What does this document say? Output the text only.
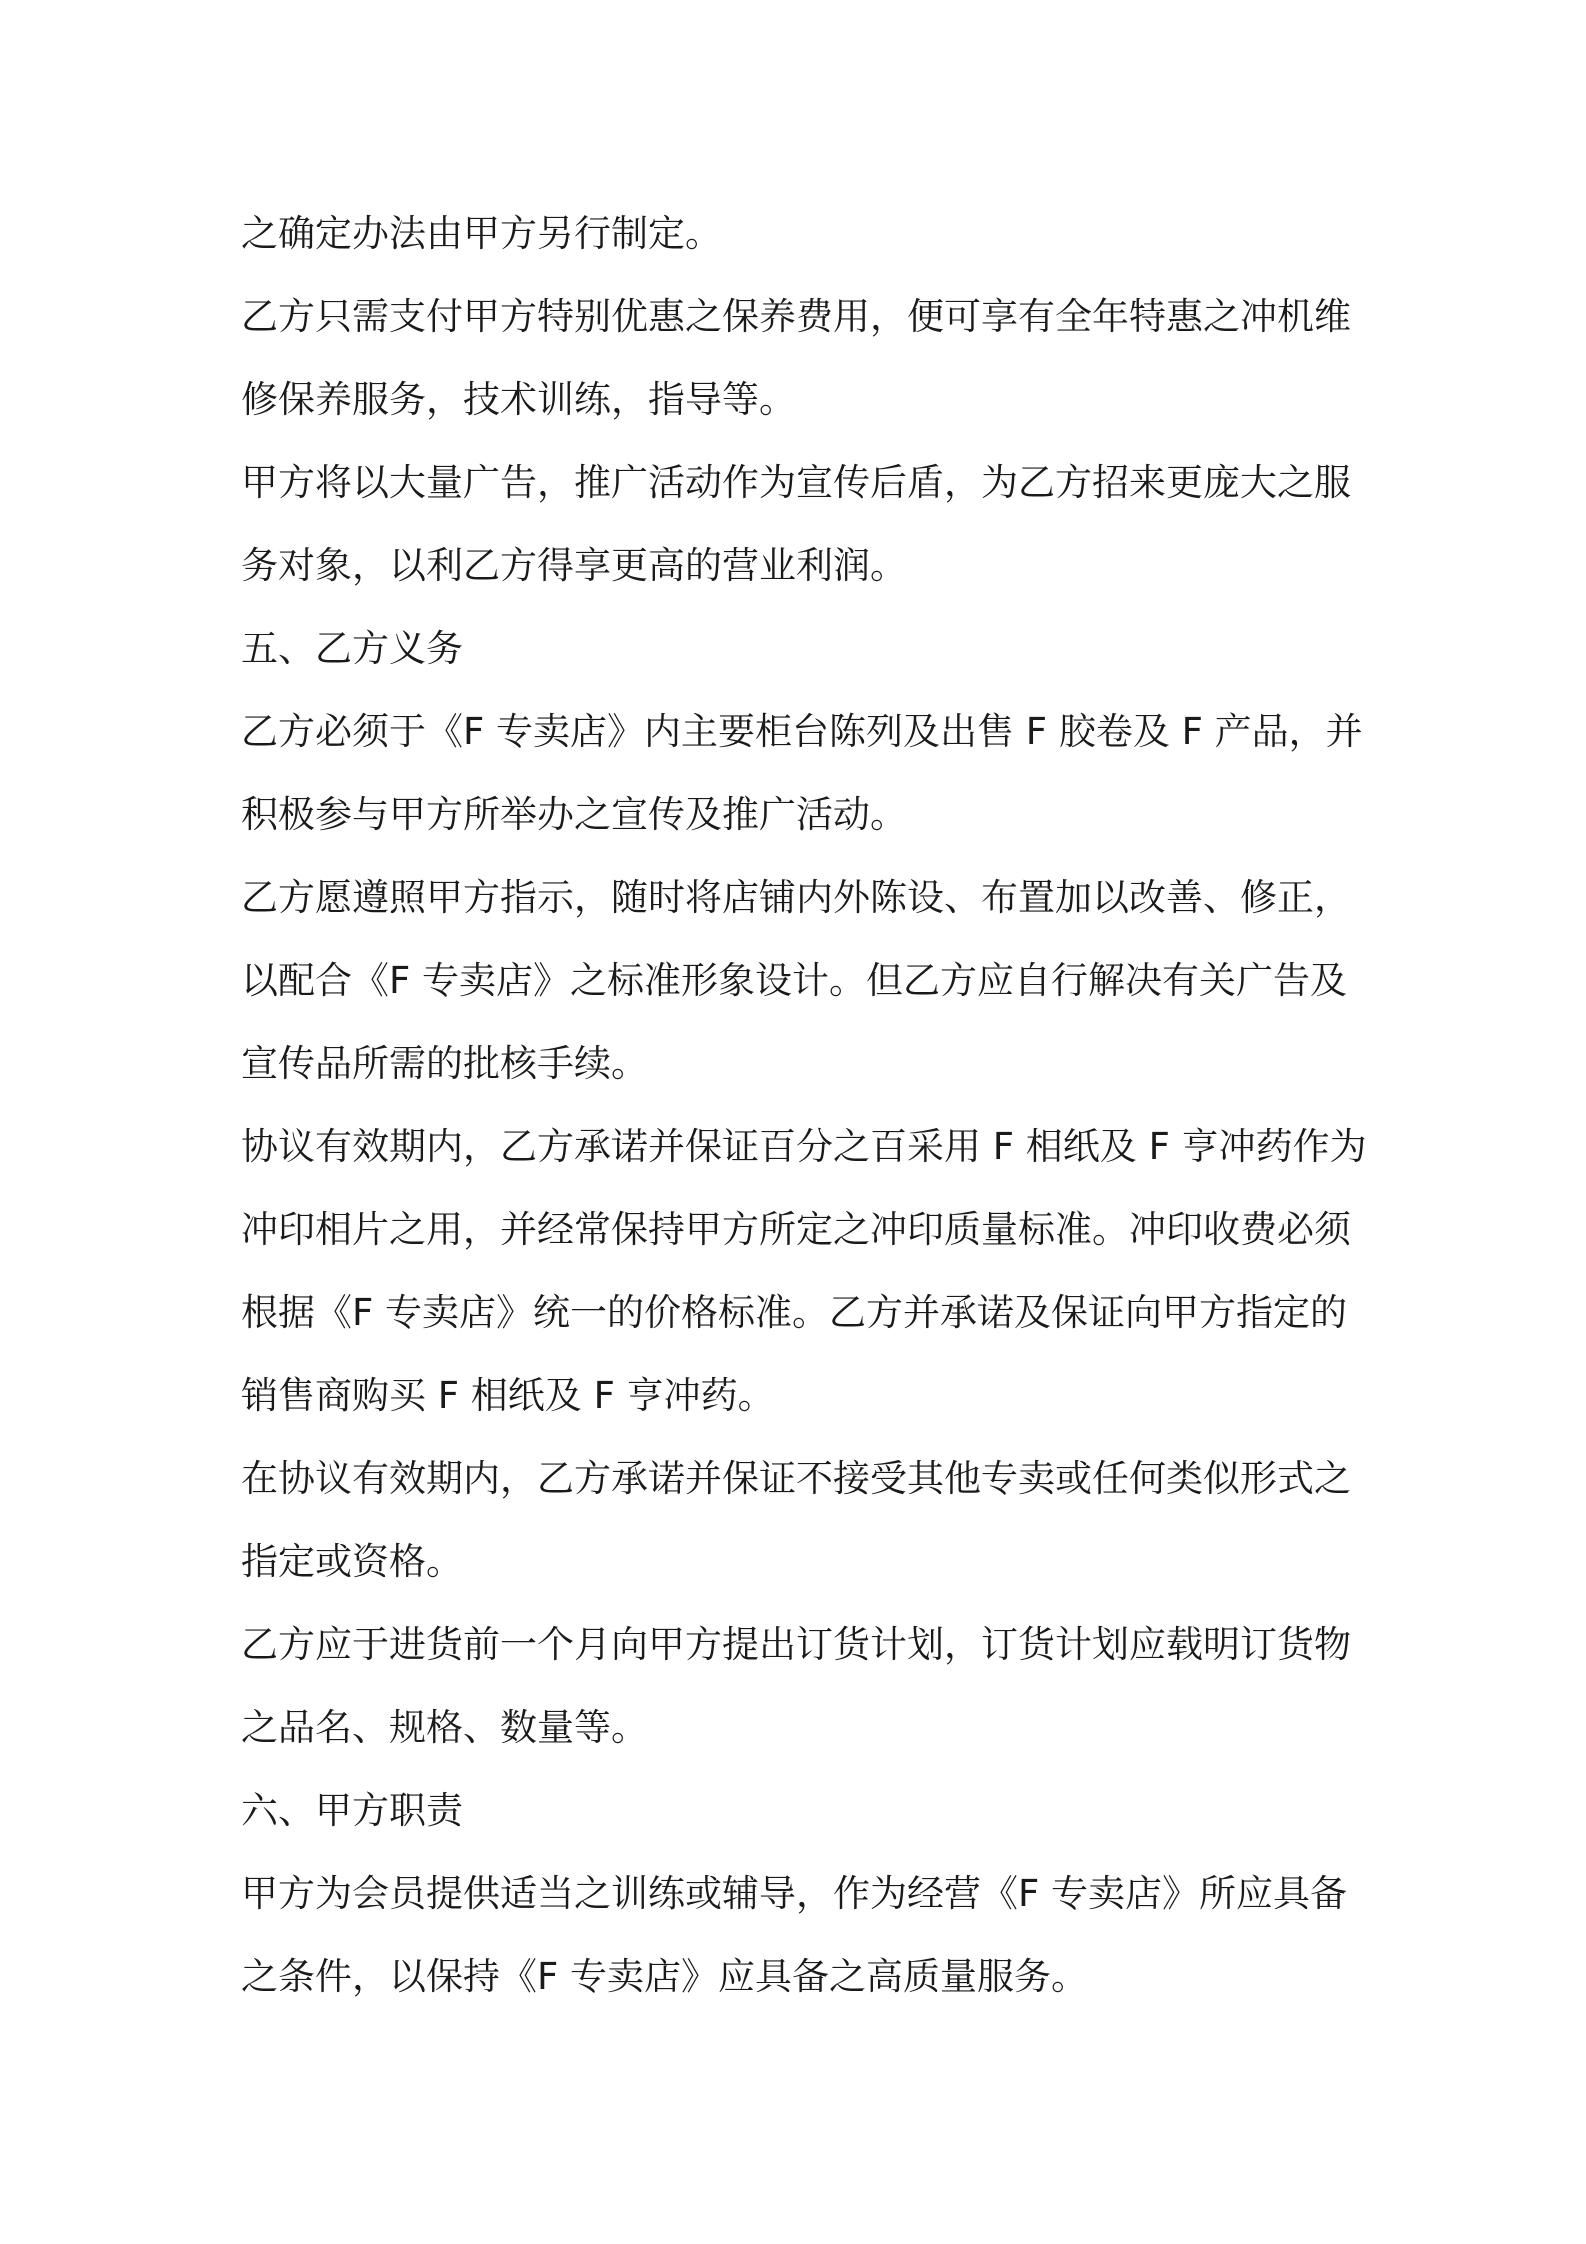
之确定办法由甲方另行制定。

乙方只需支付甲方特别优惠之保养费用，便可享有全年特惠之冲机维
修保养服务，技术训练，指导等。

甲方将以大量广告，推广活动作为宣传后盾，为乙方招来更庞大之服
务对象，以利乙方得享更高的营业利润。

五、乙方义务

乙方必须于《F 专卖店》内主要柜台陈列及出售 F 胶卷及 F 产品，并
积极参与甲方所举办之宣传及推广活动。

乙方愿遵照甲方指示，随时将店铺内外陈设、布置加以改善、修正，
以配合《F 专卖店》之标准形象设计。但乙方应自行解决有关广告及
宣传品所需的批核手续。

协议有效期内，乙方承诺并保证百分之百采用 F 相纸及 F 亨冲药作为
冲印相片之用，并经常保持甲方所定之冲印质量标准。冲印收费必须
根据《F 专卖店》统一的价格标准。乙方并承诺及保证向甲方指定的
销售商购买 F 相纸及 F 亨冲药。

在协议有效期内，乙方承诺并保证不接受其他专卖或任何类似形式之
指定或资格。

乙方应于进货前一个月向甲方提出订货计划，订货计划应载明订货物
之品名、规格、数量等。

六、甲方职责

甲方为会员提供适当之训练或辅导，作为经营《F 专卖店》所应具备
之条件，以保持《F 专卖店》应具备之高质量服务。
